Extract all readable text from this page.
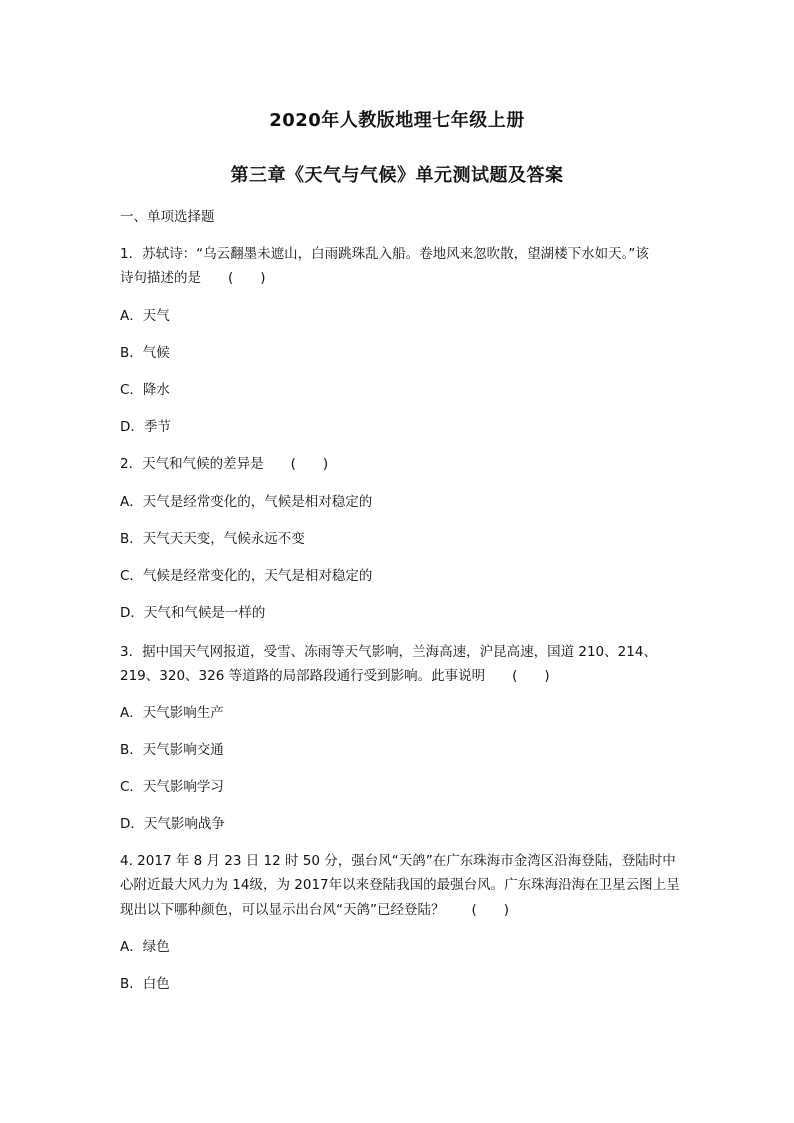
2020年人教版地理七年级上册
第三章《天气与气候》单元测试题及答案
一、单项选择题
1．苏轼诗：“乌云翻墨未遮山，白雨跳珠乱入船。卷地风来忽吹散，望湖楼下水如天。”该
诗句描述的是　　(　　)
A．天气
B．气候
C．降水
D．季节
2．天气和气候的差异是　　(　　)
A．天气是经常变化的，气候是相对稳定的
B．天气天天变，气候永远不变
C．气候是经常变化的，天气是相对稳定的
D．天气和气候是一样的
3．据中国天气网报道，受雪、冻雨等天气影响，兰海高速，沪昆高速，国道 210、214、
219、320、326 等道路的局部路段通行受到影响。此事说明　　(　　)
A．天气影响生产
B．天气影响交通
C．天气影响学习
D．天气影响战争
4. 2017 年 8 月 23 日 12 时 50 分，强台风“天鸽”在广东珠海市金湾区沿海登陆，登陆时中
心附近最大风力为 14级，为 2017年以来登陆我国的最强台风。广东珠海沿海在卫星云图上呈
现出以下哪种颜色，可以显示出台风“天鸽”已经登陆？　　(　　)
A．绿色
B．白色
